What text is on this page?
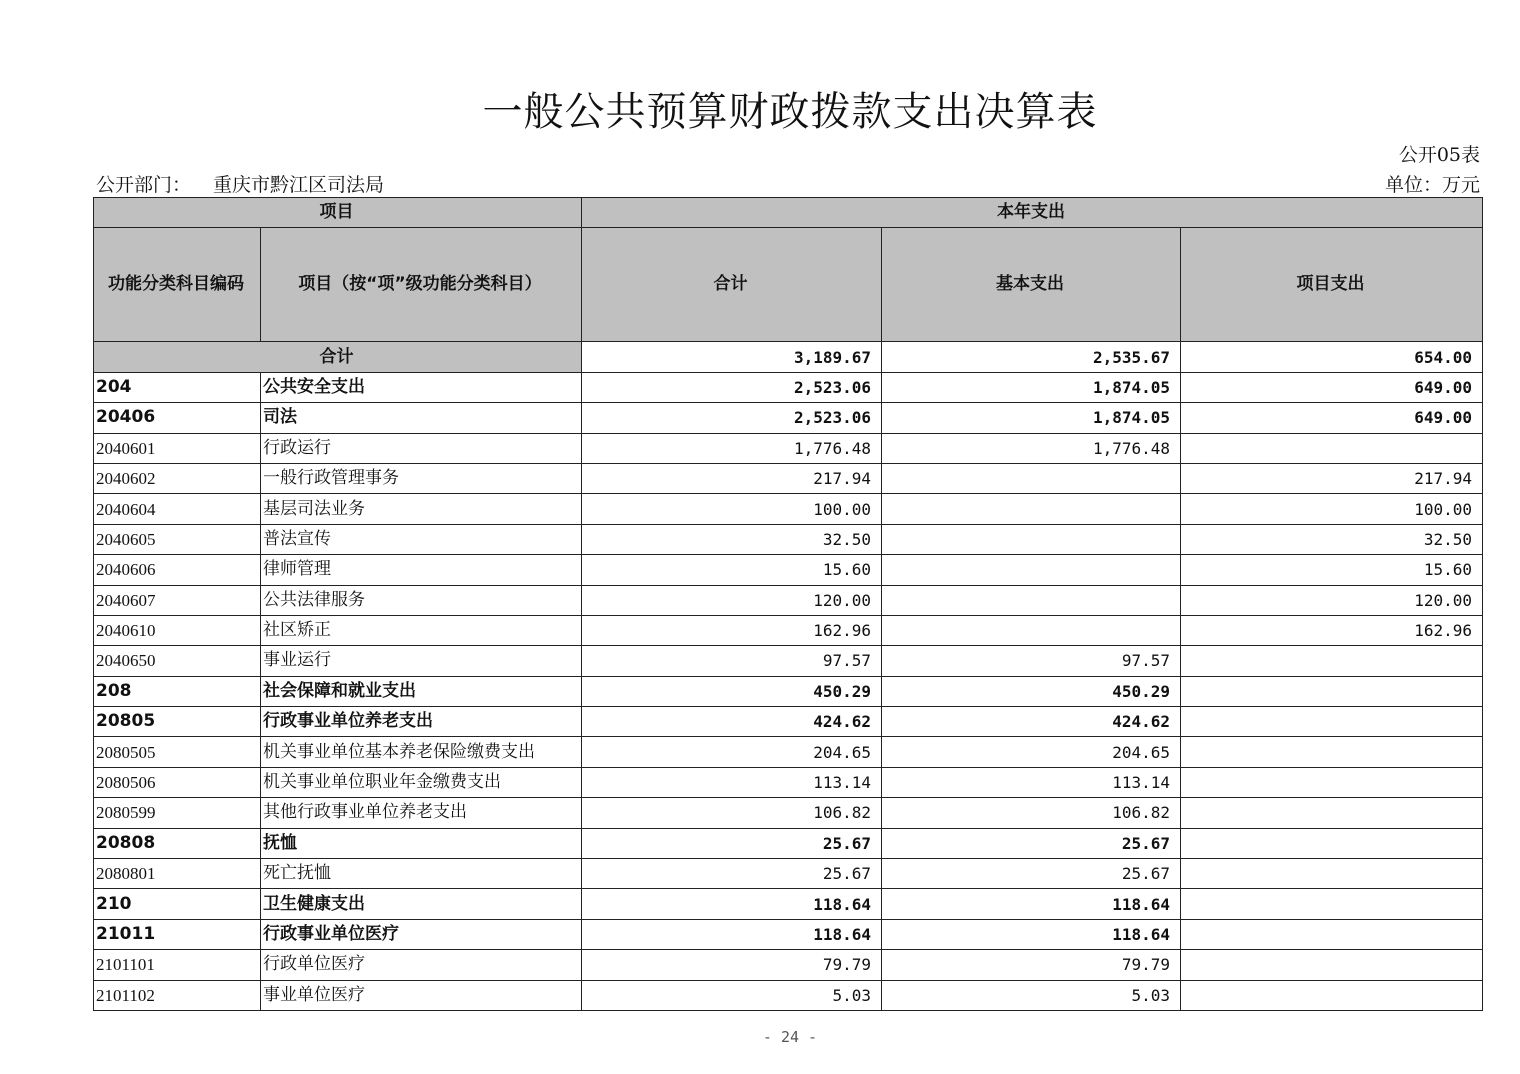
一般公共预算财政拨款支出决算表
公开05表
公开部门： 重庆市黔江区司法局	单位：万元
项目		本年支出		
功能分类科目编码	项目（按“项”级功能分类科目）	合计	基本支出	项目支出
合计		3,189.67	2,535.67	654.00
204	公共安全支出	2,523.06	1,874.05	649.00
20406	司法	2,523.06	1,874.05	649.00
2040601	行政运行	1,776.48	1,776.48	
2040602	一般行政管理事务	217.94		217.94
2040604	基层司法业务	100.00		100.00
2040605	普法宣传	32.50		32.50
2040606	律师管理	15.60		15.60
2040607	公共法律服务	120.00		120.00
2040610	社区矫正	162.96		162.96
2040650	事业运行	97.57	97.57	
208	社会保障和就业支出	450.29	450.29	
20805	行政事业单位养老支出	424.62	424.62	
2080505	机关事业单位基本养老保险缴费支出	204.65	204.65	
2080506	机关事业单位职业年金缴费支出	113.14	113.14	
2080599	其他行政事业单位养老支出	106.82	106.82	
20808	抚恤	25.67	25.67	
2080801	死亡抚恤	25.67	25.67	
210	卫生健康支出	118.64	118.64	
21011	行政事业单位医疗	118.64	118.64	
2101101	行政单位医疗	79.79	79.79	
2101102	事业单位医疗	5.03	5.03	
- 24 -
